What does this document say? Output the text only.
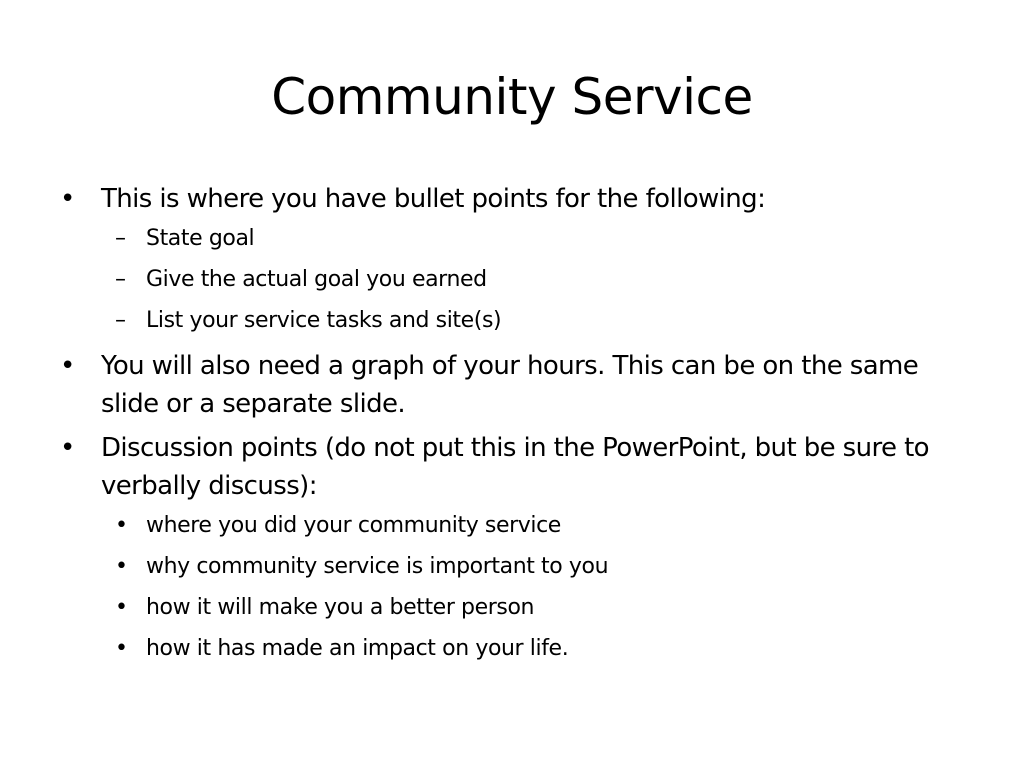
Community Service
• This is where you have bullet points for the following:
– State goal
– Give the actual goal you earned
– List your service tasks and site(s)
• You will also need a graph of your hours. This can be on the same slide or a separate slide.
• Discussion points (do not put this in the PowerPoint, but be sure to verbally discuss):
• where you did your community service
• why community service is important to you
• how it will make you a better person
• how it has made an impact on your life.
